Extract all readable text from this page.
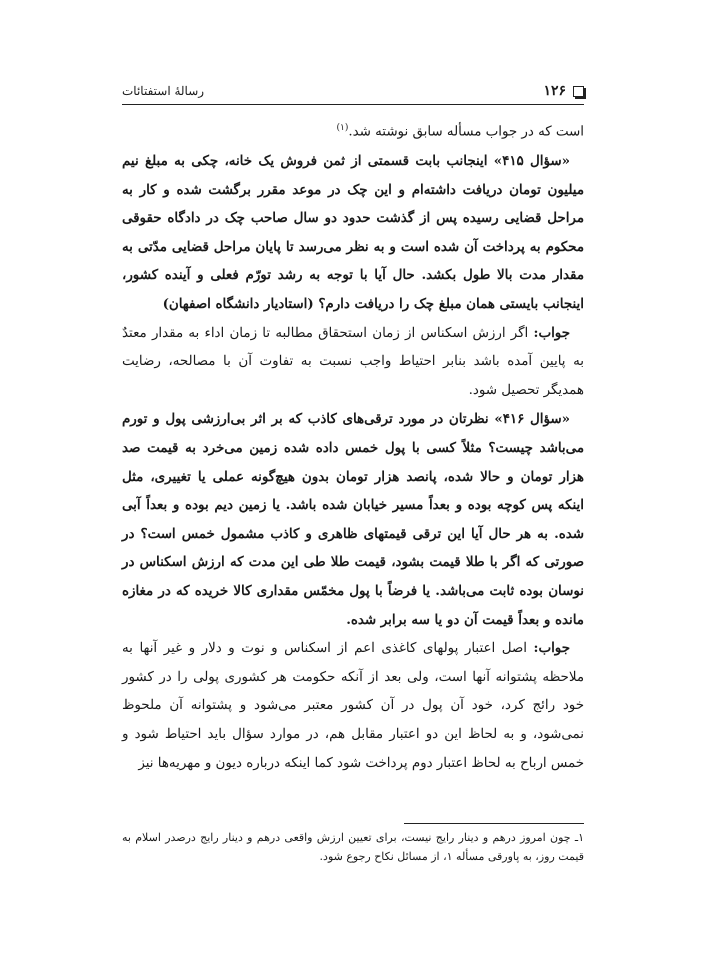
۱۲۶
رسالهٔ استفتائات

است که در جواب مسأله سابق نوشته شد.$^{(۱)}$

«سؤال ۴۱۵» اینجانب بابت قسمتی از ثمن فروش یک خانه، چکی به مبلغ نیم میلیون تومان دریافت داشته‌ام و این چک در موعد مقرر برگشت شده و کار به مراحل قضایی رسیده پس از گذشت حدود دو سال صاحب چک در دادگاه حقوقی محکوم به پرداخت آن شده است و به نظر می‌رسد تا پایان مراحل قضایی مدّتی به مقدار مدت بالا طول بکشد. حال آیا با توجه به رشد تورّم فعلی و آینده کشور، اینجانب بایستی همان مبلغ چک را دریافت دارم؟ (استادیار دانشگاه اصفهان)

جواب: اگر ارزش اسکناس از زمان استحقاق مطالبه تا زمان اداء به مقدار معتدٌ به پایین آمده باشد بنابر احتیاط واجب نسبت به تفاوت آن با مصالحه، رضایت همدیگر تحصیل شود.

«سؤال ۴۱۶» نظرتان در مورد ترقی‌های کاذب که بر اثر بی‌ارزشی پول و تورم می‌باشد چیست؟ مثلاً کسی با پول خمس داده شده زمین می‌خرد به قیمت صد هزار تومان و حالا شده، پانصد هزار تومان بدون هیچ‌گونه عملی یا تغییری، مثل اینکه پس کوچه بوده و بعداً مسیر خیابان شده باشد. یا زمین دیم بوده و بعداً آبی شده. به هر حال آیا این ترقی قیمتهای ظاهری و کاذب مشمول خمس است؟ در صورتی که اگر با طلا قیمت بشود، قیمت طلا طی این مدت که ارزش اسکناس در نوسان بوده ثابت می‌باشد. یا فرضاً با پول مخمّس مقداری کالا خریده که در مغازه مانده و بعداً قیمت آن دو یا سه برابر شده.

جواب: اصل اعتبار پولهای کاغذی اعم از اسکناس و نوت و دلار و غیر آنها به ملاحظه پشتوانه آنها است، ولی بعد از آنکه حکومت هر کشوری پولی را در کشور خود رائج کرد، خود آن پول در آن کشور معتبر می‌شود و پشتوانه آن ملحوظ نمی‌شود، و به لحاظ این دو اعتبار مقابل هم، در موارد سؤال باید احتیاط شود و خمس ارباح به لحاظ اعتبار دوم پرداخت شود کما اینکه درباره دیون و مهریه‌ها نیز

۱ـ چون امروز درهم و دینار رایج نیست، برای تعیین ارزش واقعی درهم و دینار رایج درصدر اسلام به قیمت روز، به پاورقی مسأله ۱، از مسائل نکاح رجوع شود.
